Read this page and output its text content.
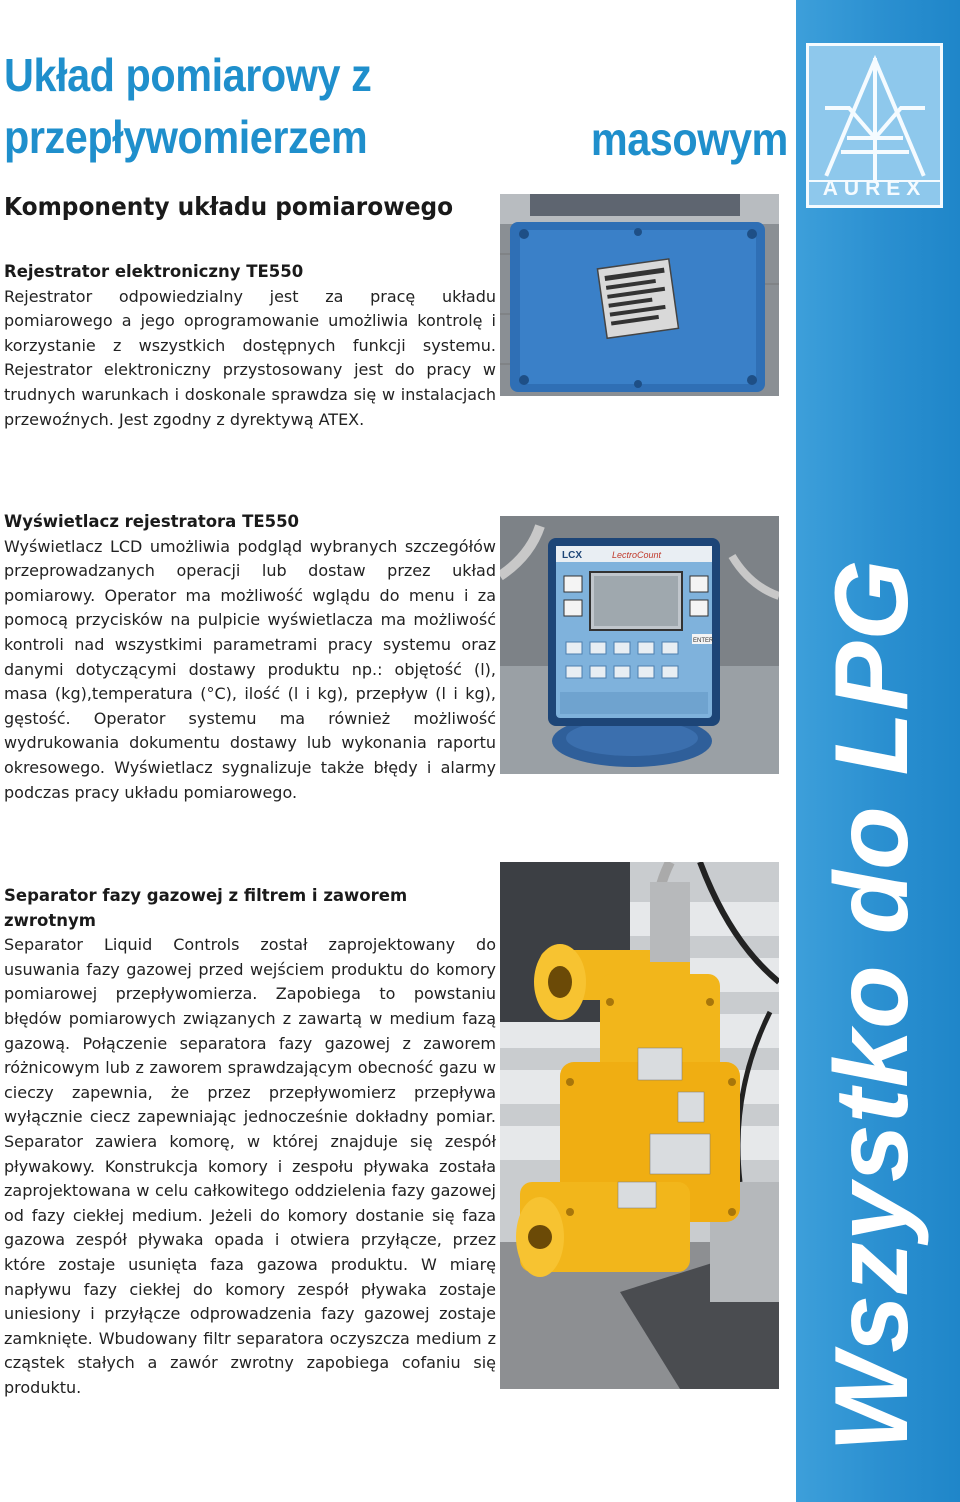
Układ pomiarowy z przepływomierzem	masowym
Komponenty układu pomiarowego
Rejestrator elektroniczny TE550

Rejestrator odpowiedzialny jest za pracę układu pomiarowego a jego oprogramowanie umożliwia kontrolę i korzystanie z wszystkich dostępnych funkcji systemu. Rejestrator elektroniczny przystosowany jest do pracy w trudnych warunkach i doskonale sprawdza się w instalacjach przewoźnych. Jest zgodny z dyrektywą ATEX.

Wyświetlacz rejestratora TE550

Wyświetlacz LCD umożliwia podgląd wybranych szczegółów przeprowadzanych operacji lub dostaw przez układ pomiarowy. Operator ma możliwość wglądu do menu i za pomocą przycisków na pulpicie wyświetlacza ma możliwość kontroli nad wszystkimi parametrami pracy systemu oraz danymi dotyczącymi dostawy produktu np.: objętość (l), masa (kg),temperatura (°C), ilość (l i kg), przepływ (l i kg), gęstość. Operator systemu ma również możliwość wydrukowania dokumentu dostawy lub wykonania raportu okresowego. Wyświetlacz sygnalizuje także błędy i alarmy podczas pracy układu pomiarowego.

Separator fazy gazowej z filtrem i zaworem zwrotnym

Separator Liquid Controls został zaprojektowany do usuwania fazy gazowej przed wejściem produktu do komory pomiarowej przepływomierza. Zapobiega to powstaniu błędów pomiarowych związanych z zawartą w medium fazą gazową. Połączenie separatora fazy gazowej z zaworem różnicowym lub z zaworem sprawdzającym obecność gazu w cieczy zapewnia, że przez przepływomierz przepływa wyłącznie ciecz zapewniając jednocześnie dokładny pomiar. Separator zawiera komorę, w której znajduje się zespół pływakowy. Konstrukcja komory i zespołu pływaka została zaprojektowana w celu całkowitego oddzielenia fazy gazowej od fazy ciekłej medium. Jeżeli do komory dostanie się faza gazowa zespół pływaka opada i otwiera przyłącze, przez które zostaje usunięta faza gazowa produktu. W miarę napływu fazy ciekłej do komory zespół pływaka zostaje uniesiony i przyłącze odprowadzenia fazy gazowej zostaje zamknięte. Wbudowany filtr separatora oczyszcza medium z cząstek stałych a zawór zwrotny zapobiega cofaniu się produktu.

LCX	LectroCount
ENTER
AUREX
Wszystko do LPG
